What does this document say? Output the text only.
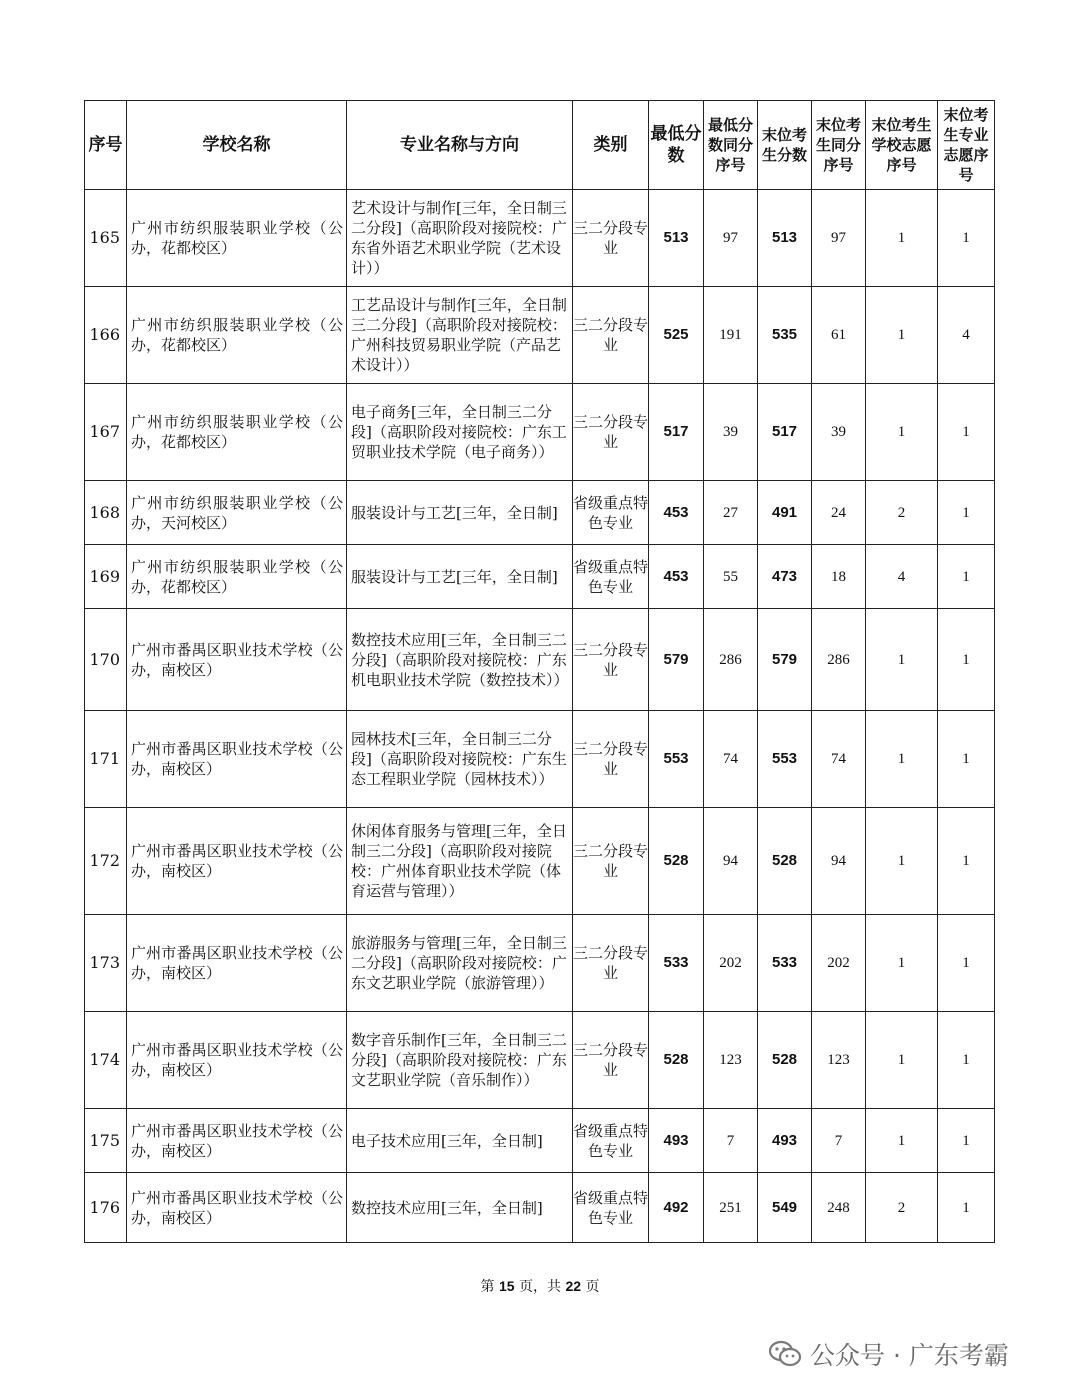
序号	学校名称	专业名称与方向	类别	最低分数	最低分数同分序号	末位考生分数	末位考生同分序号	末位考生学校志愿序号	末位考生专业志愿序号
165	广州市纺织服装职业学校（公办，花都校区）	艺术设计与制作[三年，全日制三二分段]（高职阶段对接院校：广东省外语艺术职业学院（艺术设计））	三二分段专业	513	97	513	97	1	1
166	广州市纺织服装职业学校（公办，花都校区）	工艺品设计与制作[三年，全日制三二分段]（高职阶段对接院校：广州科技贸易职业学院（产品艺术设计））	三二分段专业	525	191	535	61	1	4
167	广州市纺织服装职业学校（公办，花都校区）	电子商务[三年，全日制三二分段]（高职阶段对接院校：广东工贸职业技术学院（电子商务））	三二分段专业	517	39	517	39	1	1
168	广州市纺织服装职业学校（公办，天河校区）	服装设计与工艺[三年，全日制]	省级重点特色专业	453	27	491	24	2	1
169	广州市纺织服装职业学校（公办，花都校区）	服装设计与工艺[三年，全日制]	省级重点特色专业	453	55	473	18	4	1
170	广州市番禺区职业技术学校（公办，南校区）	数控技术应用[三年，全日制三二分段]（高职阶段对接院校：广东机电职业技术学院（数控技术））	三二分段专业	579	286	579	286	1	1
171	广州市番禺区职业技术学校（公办，南校区）	园林技术[三年，全日制三二分段]（高职阶段对接院校：广东生态工程职业学院（园林技术））	三二分段专业	553	74	553	74	1	1
172	广州市番禺区职业技术学校（公办，南校区）	休闲体育服务与管理[三年，全日制三二分段]（高职阶段对接院校：广州体育职业技术学院（体育运营与管理））	三二分段专业	528	94	528	94	1	1
173	广州市番禺区职业技术学校（公办，南校区）	旅游服务与管理[三年，全日制三二分段]（高职阶段对接院校：广东文艺职业学院（旅游管理））	三二分段专业	533	202	533	202	1	1
174	广州市番禺区职业技术学校（公办，南校区）	数字音乐制作[三年，全日制三二分段]（高职阶段对接院校：广东文艺职业学院（音乐制作））	三二分段专业	528	123	528	123	1	1
175	广州市番禺区职业技术学校（公办，南校区）	电子技术应用[三年，全日制]	省级重点特色专业	493	7	493	7	1	1
176	广州市番禺区职业技术学校（公办，南校区）	数控技术应用[三年，全日制]	省级重点特色专业	492	251	549	248	2	1
第 15 页，共 22 页
公众号 · 广东考霸
